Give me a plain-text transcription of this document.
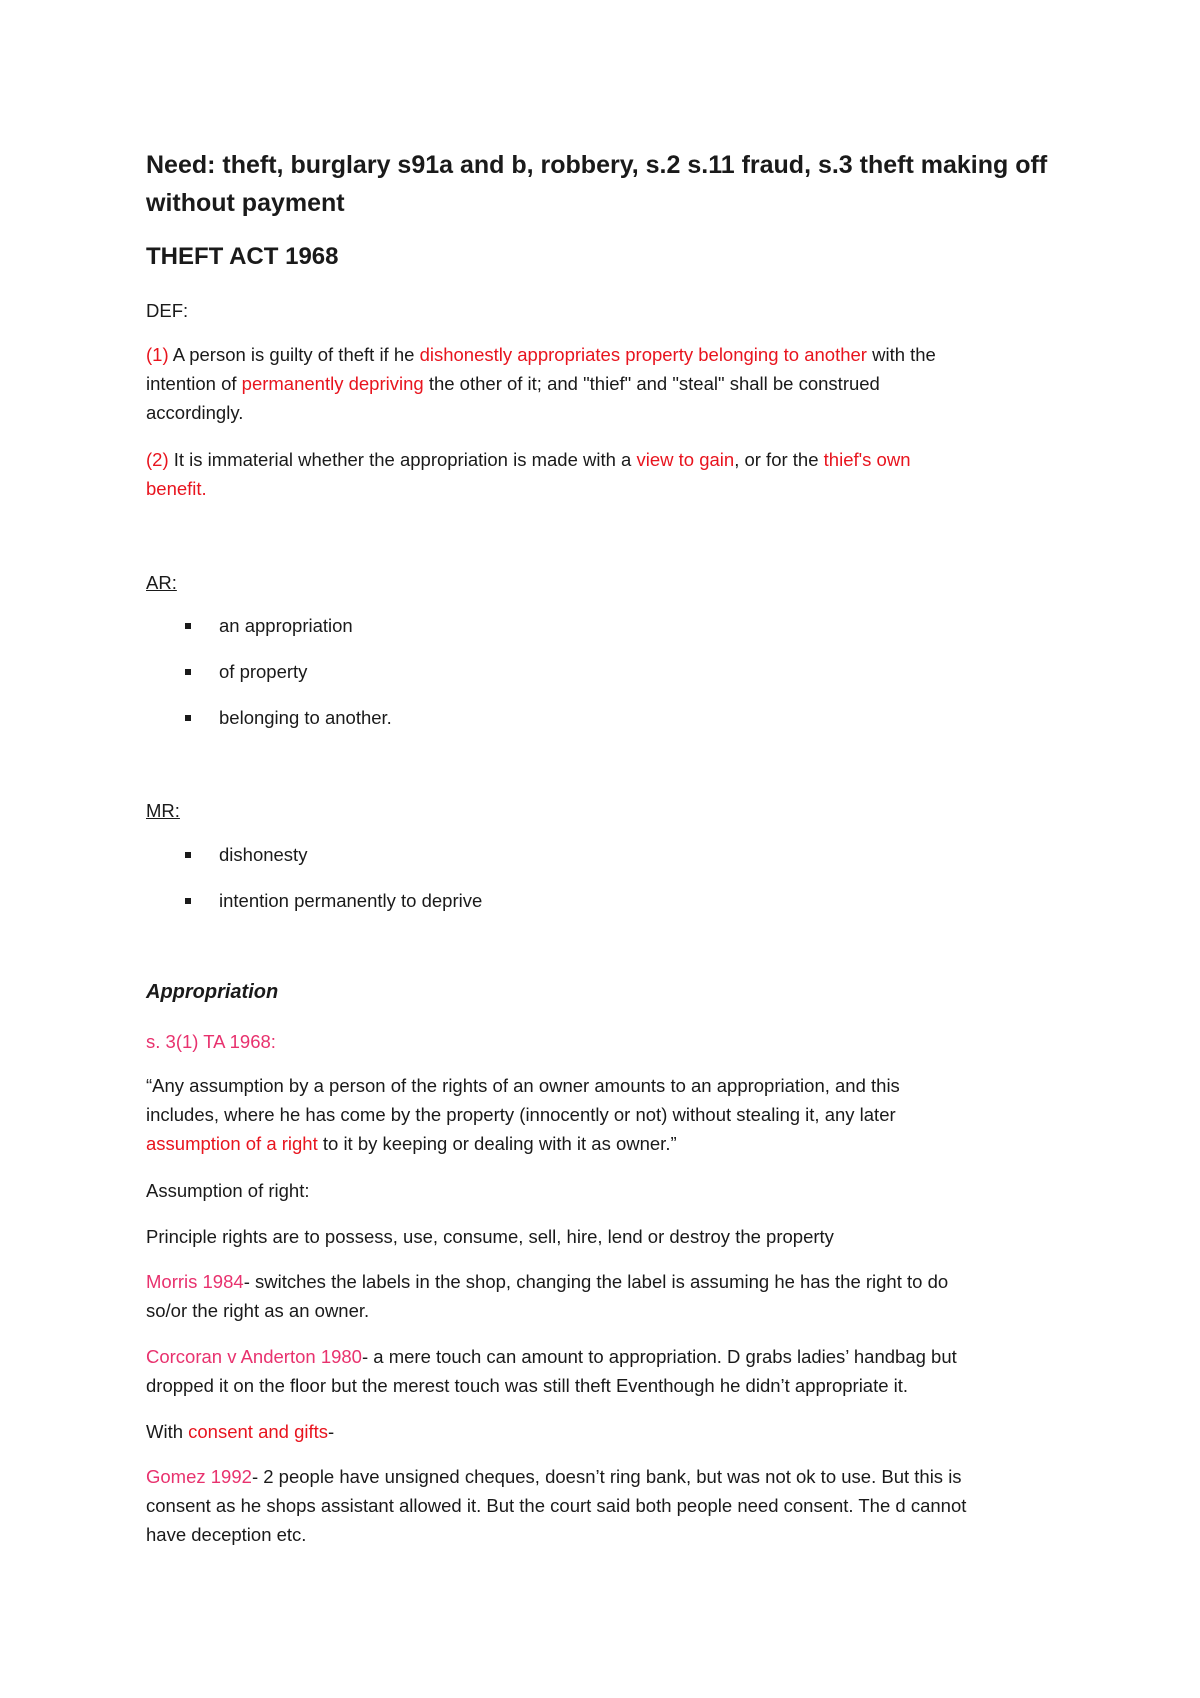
Need: theft, burglary s91a and b, robbery, s.2 s.11 fraud, s.3 theft making off
without payment

THEFT ACT 1968

DEF:

(1) A person is guilty of theft if he dishonestly appropriates property belonging to another with the
intention of permanently depriving the other of it; and "thief" and "steal" shall be construed
accordingly.

(2) It is immaterial whether the appropriation is made with a view to gain, or for the thief's own
benefit.

AR:

an appropriation
of property
belonging to another.

MR:

dishonesty
intention permanently to deprive

Appropriation

s. 3(1) TA 1968:

“Any assumption by a person of the rights of an owner amounts to an appropriation, and this
includes, where he has come by the property (innocently or not) without stealing it, any later
assumption of a right to it by keeping or dealing with it as owner.”

Assumption of right:

Principle rights are to possess, use, consume, sell, hire, lend or destroy the property

Morris 1984- switches the labels in the shop, changing the label is assuming he has the right to do
so/or the right as an owner.

Corcoran v Anderton 1980- a mere touch can amount to appropriation. D grabs ladies’ handbag but
dropped it on the floor but the merest touch was still theft Eventhough he didn’t appropriate it.

With consent and gifts-

Gomez 1992- 2 people have unsigned cheques, doesn’t ring bank, but was not ok to use. But this is
consent as he shops assistant allowed it. But the court said both people need consent. The d cannot
have deception etc.
